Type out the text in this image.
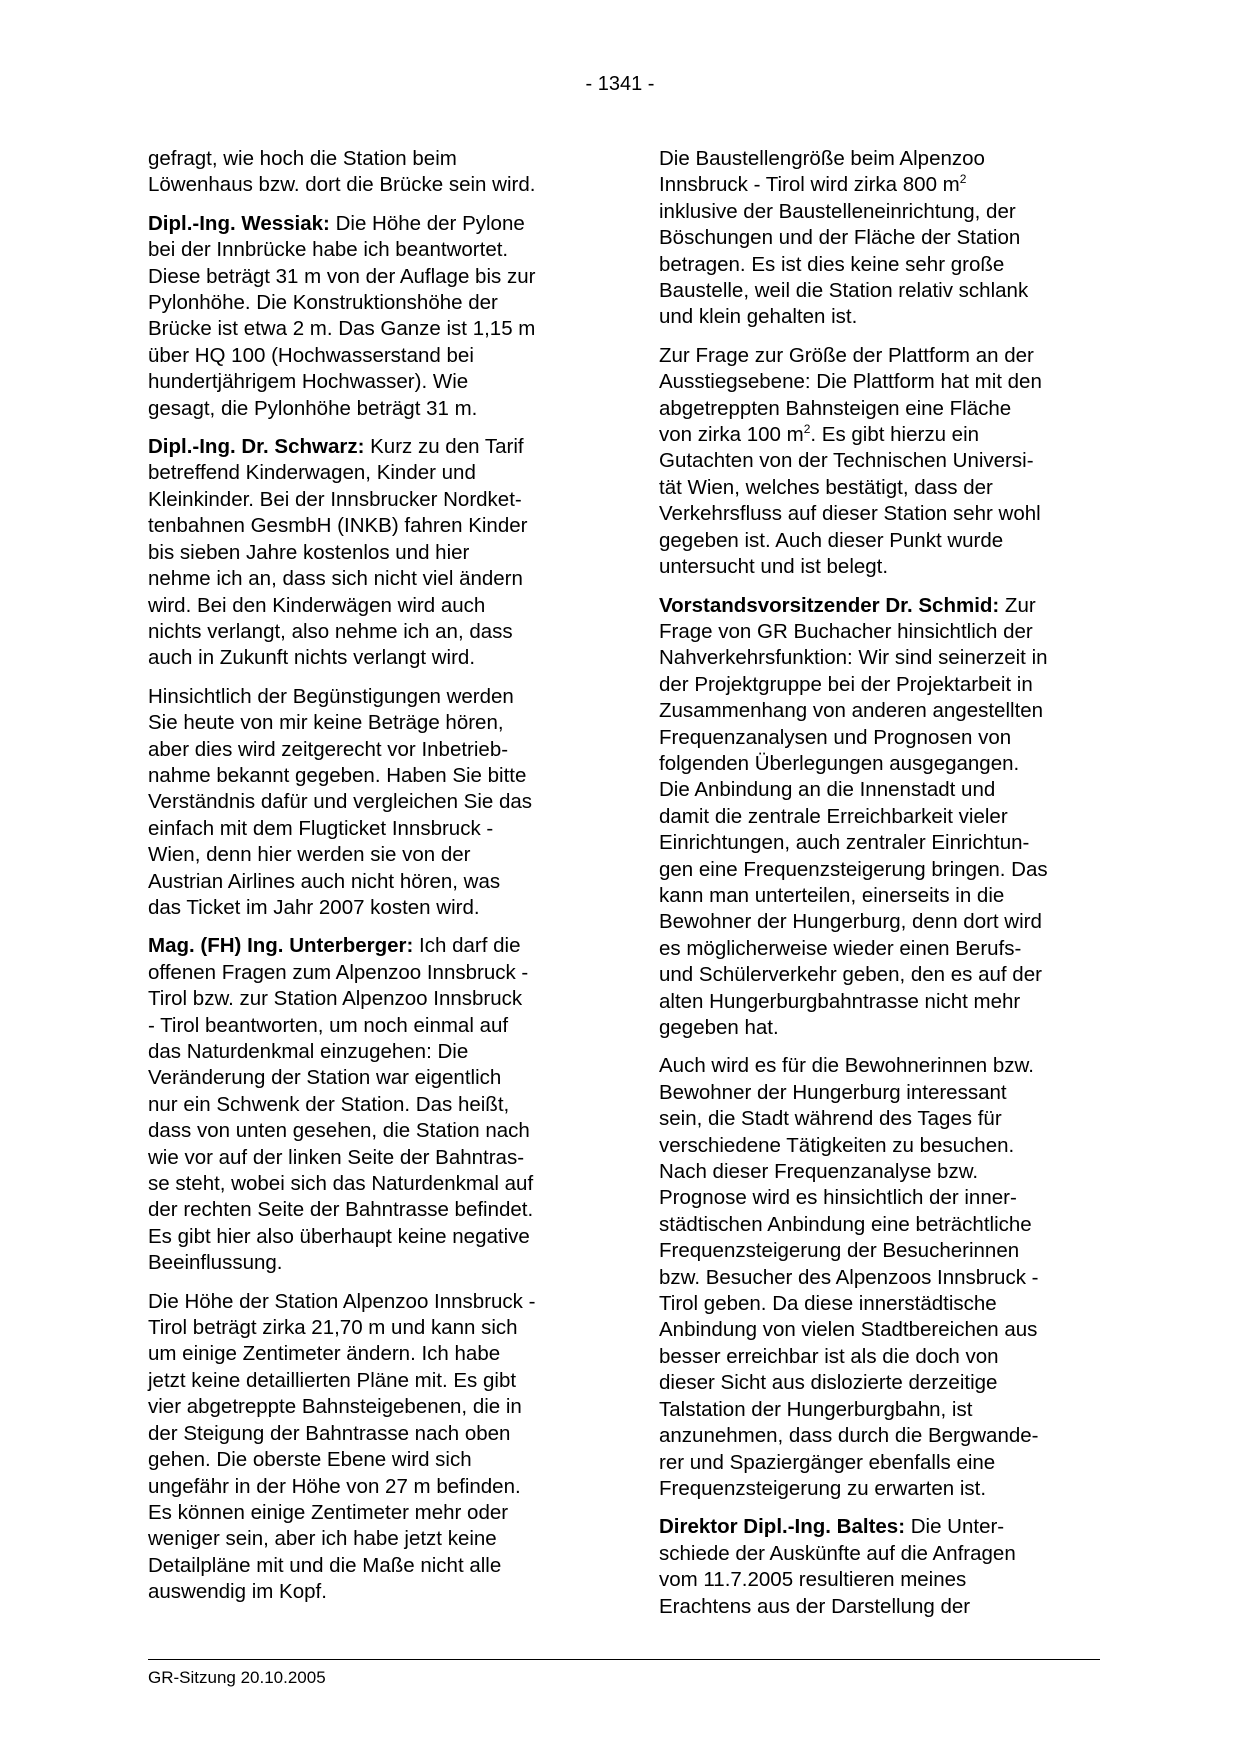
- 1341 -

gefragt, wie hoch die Station beim
Löwenhaus bzw. dort die Brücke sein wird.

Dipl.-Ing. Wessiak: Die Höhe der Pylone
bei der Innbrücke habe ich beantwortet.
Diese beträgt 31 m von der Auflage bis zur
Pylonhöhe. Die Konstruktionshöhe der
Brücke ist etwa 2 m. Das Ganze ist 1,15 m
über HQ 100 (Hochwasserstand bei
hundertjährigem Hochwasser). Wie
gesagt, die Pylonhöhe beträgt 31 m.

Dipl.-Ing. Dr. Schwarz: Kurz zu den Tarif
betreffend Kinderwagen, Kinder und
Kleinkinder. Bei der Innsbrucker Nordket-
tenbahnen GesmbH (INKB) fahren Kinder
bis sieben Jahre kostenlos und hier
nehme ich an, dass sich nicht viel ändern
wird. Bei den Kinderwägen wird auch
nichts verlangt, also nehme ich an, dass
auch in Zukunft nichts verlangt wird.

Hinsichtlich der Begünstigungen werden
Sie heute von mir keine Beträge hören,
aber dies wird zeitgerecht vor Inbetrieb-
nahme bekannt gegeben. Haben Sie bitte
Verständnis dafür und vergleichen Sie das
einfach mit dem Flugticket Innsbruck -
Wien, denn hier werden sie von der
Austrian Airlines auch nicht hören, was
das Ticket im Jahr 2007 kosten wird.

Mag. (FH) Ing. Unterberger: Ich darf die
offenen Fragen zum Alpenzoo Innsbruck -
Tirol bzw. zur Station Alpenzoo Innsbruck
- Tirol beantworten, um noch einmal auf
das Naturdenkmal einzugehen: Die
Veränderung der Station war eigentlich
nur ein Schwenk der Station. Das heißt,
dass von unten gesehen, die Station nach
wie vor auf der linken Seite der Bahntras-
se steht, wobei sich das Naturdenkmal auf
der rechten Seite der Bahntrasse befindet.
Es gibt hier also überhaupt keine negative
Beeinflussung.

Die Höhe der Station Alpenzoo Innsbruck -
Tirol beträgt zirka 21,70 m und kann sich
um einige Zentimeter ändern. Ich habe
jetzt keine detaillierten Pläne mit. Es gibt
vier abgetreppte Bahnsteigebenen, die in
der Steigung der Bahntrasse nach oben
gehen. Die oberste Ebene wird sich
ungefähr in der Höhe von 27 m befinden.
Es können einige Zentimeter mehr oder
weniger sein, aber ich habe jetzt keine
Detailpläne mit und die Maße nicht alle
auswendig im Kopf.

Die Baustellengröße beim Alpenzoo
Innsbruck - Tirol wird zirka 800 $m^2$
inklusive der Baustelleneinrichtung, der
Böschungen und der Fläche der Station
betragen. Es ist dies keine sehr große
Baustelle, weil die Station relativ schlank
und klein gehalten ist.

Zur Frage zur Größe der Plattform an der
Ausstiegsebene: Die Plattform hat mit den
abgetreppten Bahnsteigen eine Fläche
von zirka 100 $m^2$. Es gibt hierzu ein
Gutachten von der Technischen Universi-
tät Wien, welches bestätigt, dass der
Verkehrsfluss auf dieser Station sehr wohl
gegeben ist. Auch dieser Punkt wurde
untersucht und ist belegt.

Vorstandsvorsitzender Dr. Schmid: Zur
Frage von GR Buchacher hinsichtlich der
Nahverkehrsfunktion: Wir sind seinerzeit in
der Projektgruppe bei der Projektarbeit in
Zusammenhang von anderen angestellten
Frequenzanalysen und Prognosen von
folgenden Überlegungen ausgegangen.
Die Anbindung an die Innenstadt und
damit die zentrale Erreichbarkeit vieler
Einrichtungen, auch zentraler Einrichtun-
gen eine Frequenzsteigerung bringen. Das
kann man unterteilen, einerseits in die
Bewohner der Hungerburg, denn dort wird
es möglicherweise wieder einen Berufs-
und Schülerverkehr geben, den es auf der
alten Hungerburgbahntrasse nicht mehr
gegeben hat.

Auch wird es für die Bewohnerinnen bzw.
Bewohner der Hungerburg interessant
sein, die Stadt während des Tages für
verschiedene Tätigkeiten zu besuchen.
Nach dieser Frequenzanalyse bzw.
Prognose wird es hinsichtlich der inner-
städtischen Anbindung eine beträchtliche
Frequenzsteigerung der Besucherinnen
bzw. Besucher des Alpenzoos Innsbruck -
Tirol geben. Da diese innerstädtische
Anbindung von vielen Stadtbereichen aus
besser erreichbar ist als die doch von
dieser Sicht aus dislozierte derzeitige
Talstation der Hungerburgbahn, ist
anzunehmen, dass durch die Bergwande-
rer und Spaziergänger ebenfalls eine
Frequenzsteigerung zu erwarten ist.

Direktor Dipl.-Ing. Baltes: Die Unter-
schiede der Auskünfte auf die Anfragen
vom 11.7.2005 resultieren meines
Erachtens aus der Darstellung der

GR-Sitzung 20.10.2005
